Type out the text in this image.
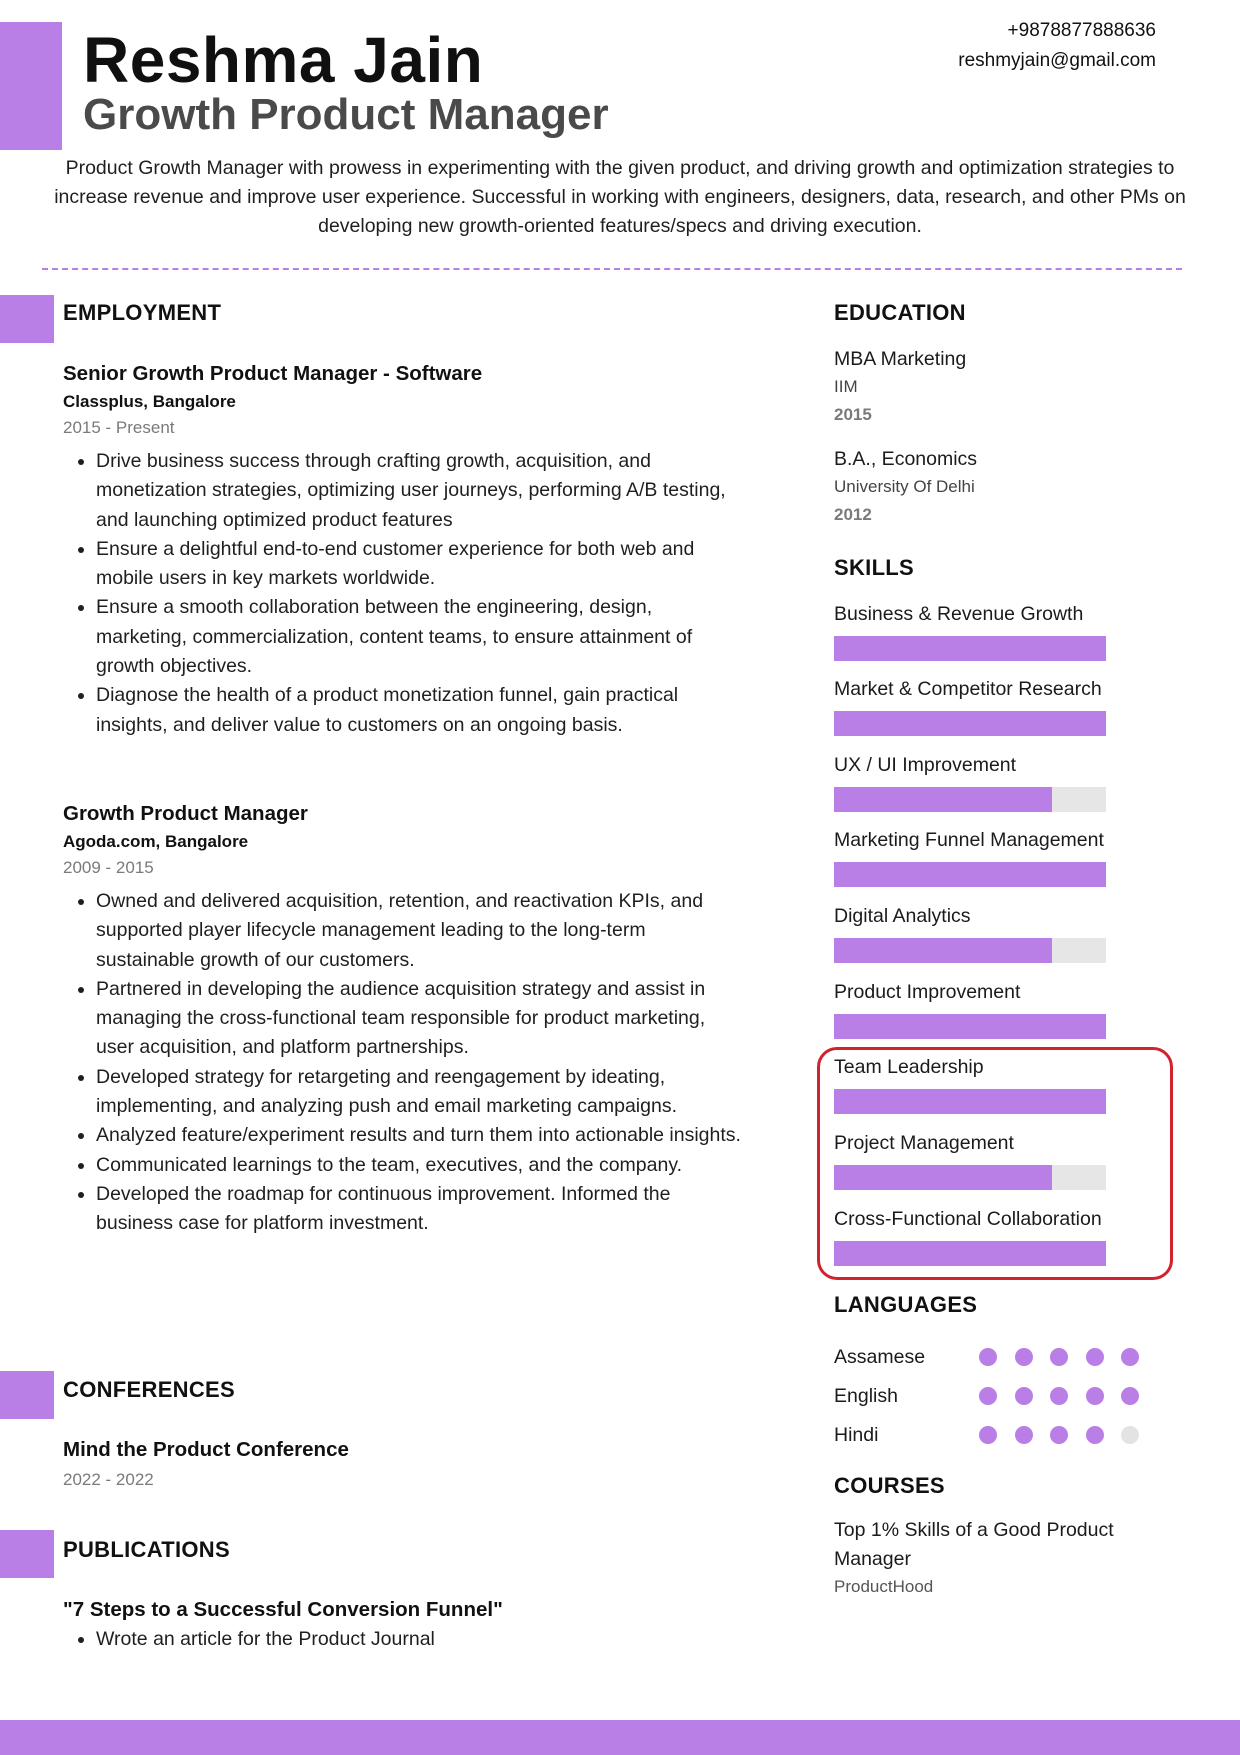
Reshma Jain
Growth Product Manager
+9878877888636
reshmyjain@gmail.com
Product Growth Manager with prowess in experimenting with the given product, and driving growth and optimization strategies to increase revenue and improve user experience. Successful in working with engineers, designers, data, research, and other PMs on developing new growth-oriented features/specs and driving execution.
EMPLOYMENT
Senior Growth Product Manager - Software
Classplus, Bangalore
2015 - Present
• Drive business success through crafting growth, acquisition, and monetization strategies, optimizing user journeys, performing A/B testing, and launching optimized product features
• Ensure a delightful end-to-end customer experience for both web and mobile users in key markets worldwide.
• Ensure a smooth collaboration between the engineering, design, marketing, commercialization, content teams, to ensure attainment of growth objectives.
• Diagnose the health of a product monetization funnel, gain practical insights, and deliver value to customers on an ongoing basis.
Growth Product Manager
Agoda.com, Bangalore
2009 - 2015
• Owned and delivered acquisition, retention, and reactivation KPIs, and supported player lifecycle management leading to the long-term sustainable growth of our customers.
• Partnered in developing the audience acquisition strategy and assist in managing the cross-functional team responsible for product marketing, user acquisition, and platform partnerships.
• Developed strategy for retargeting and reengagement by ideating, implementing, and analyzing push and email marketing campaigns.
• Analyzed feature/experiment results and turn them into actionable insights.
• Communicated learnings to the team, executives, and the company.
• Developed the roadmap for continuous improvement. Informed the business case for platform investment.
CONFERENCES
Mind the Product Conference
2022 - 2022
PUBLICATIONS
"7 Steps to a Successful Conversion Funnel"
• Wrote an article for the Product Journal
EDUCATION
MBA Marketing
IIM
2015
B.A., Economics
University Of Delhi
2012
SKILLS
Business & Revenue Growth
Market & Competitor Research
UX / UI Improvement
Marketing Funnel Management
Digital Analytics
Product Improvement
Team Leadership
Project Management
Cross-Functional Collaboration
LANGUAGES
Assamese
English
Hindi
COURSES
Top 1% Skills of a Good Product Manager
ProductHood
